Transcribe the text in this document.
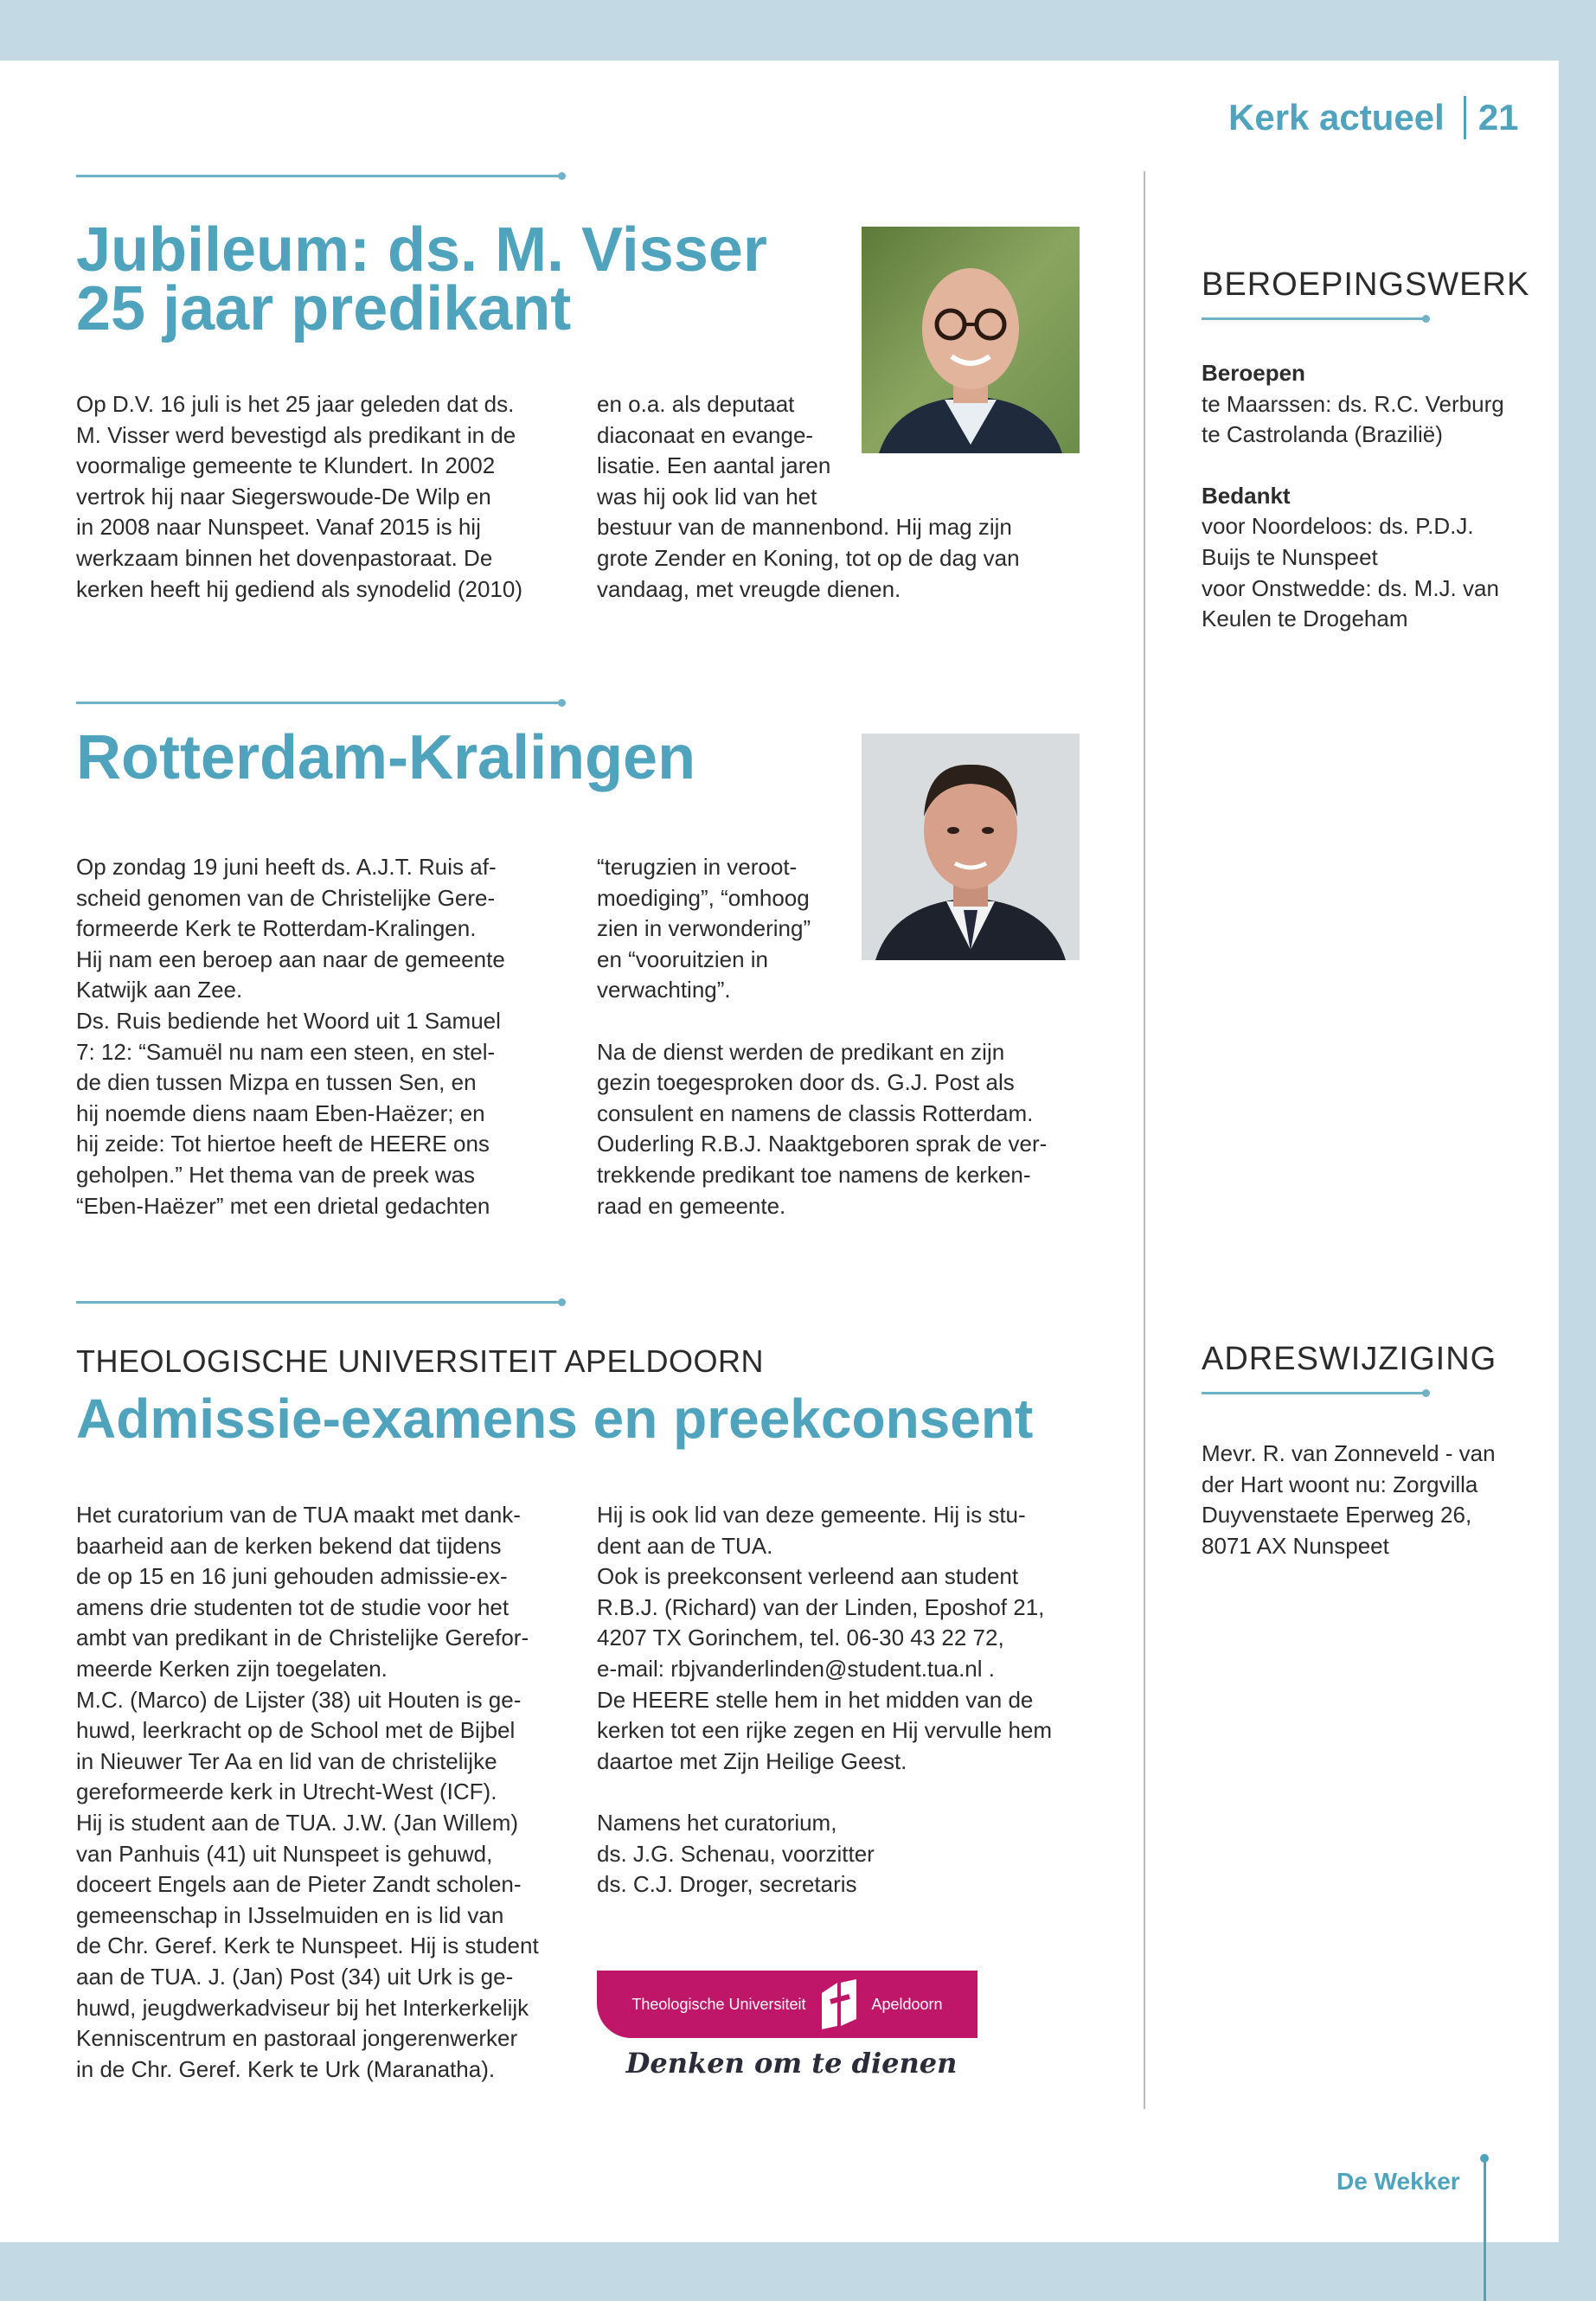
Kerk actueel 21
Jubileum: ds. M. Visser
25 jaar predikant

Op D.V. 16 juli is het 25 jaar geleden dat ds.
M. Visser werd bevestigd als predikant in de
voormalige gemeente te Klundert. In 2002
vertrok hij naar Siegerswoude-De Wilp en
in 2008 naar Nunspeet. Vanaf 2015 is hij
werkzaam binnen het dovenpastoraat. De
kerken heeft hij gediend als synodelid (2010)

en o.a. als deputaat
diaconaat en evange-
lisatie. Een aantal jaren
was hij ook lid van het
bestuur van de mannenbond. Hij mag zijn
grote Zender en Koning, tot op de dag van
vandaag, met vreugde dienen.

Rotterdam-Kralingen

Op zondag 19 juni heeft ds. A.J.T. Ruis af-
scheid genomen van de Christelijke Gere-
formeerde Kerk te Rotterdam-Kralingen.
Hij nam een beroep aan naar de gemeente
Katwijk aan Zee.
Ds. Ruis bediende het Woord uit 1 Samuel
7: 12: “Samuël nu nam een steen, en stel-
de dien tussen Mizpa en tussen Sen, en
hij noemde diens naam Eben-Haëzer; en
hij zeide: Tot hiertoe heeft de HEERE ons
geholpen.” Het thema van de preek was
“Eben-Haëzer” met een drietal gedachten

“terugzien in veroot-
moediging”, “omhoog
zien in verwondering”
en “vooruitzien in
verwachting”.

Na de dienst werden de predikant en zijn
gezin toegesproken door ds. G.J. Post als
consulent en namens de classis Rotterdam.
Ouderling R.B.J. Naaktgeboren sprak de ver-
trekkende predikant toe namens de kerken-
raad en gemeente.

THEOLOGISCHE UNIVERSITEIT APELDOORN
Admissie-examens en preekconsent

Het curatorium van de TUA maakt met dank-
baarheid aan de kerken bekend dat tijdens
de op 15 en 16 juni gehouden admissie-ex-
amens drie studenten tot de studie voor het
ambt van predikant in de Christelijke Gerefor-
meerde Kerken zijn toegelaten.
M.C. (Marco) de Lijster (38) uit Houten is ge-
huwd, leerkracht op de School met de Bijbel
in Nieuwer Ter Aa en lid van de christelijke
gereformeerde kerk in Utrecht-West (ICF).
Hij is student aan de TUA. J.W. (Jan Willem)
van Panhuis (41) uit Nunspeet is gehuwd,
doceert Engels aan de Pieter Zandt scholen-
gemeenschap in IJsselmuiden en is lid van
de Chr. Geref. Kerk te Nunspeet. Hij is student
aan de TUA. J. (Jan) Post (34) uit Urk is ge-
huwd, jeugdwerkadviseur bij het Interkerkelijk
Kenniscentrum en pastoraal jongerenwerker
in de Chr. Geref. Kerk te Urk (Maranatha).

Hij is ook lid van deze gemeente. Hij is stu-
dent aan de TUA.
Ook is preekconsent verleend aan student
R.B.J. (Richard) van der Linden, Eposhof 21,
4207 TX Gorinchem, tel. 06-30 43 22 72,
e-mail: rbjvanderlinden@student.tua.nl .
De HEERE stelle hem in het midden van de
kerken tot een rijke zegen en Hij vervulle hem
daartoe met Zijn Heilige Geest.

Namens het curatorium,
ds. J.G. Schenau, voorzitter
ds. C.J. Droger, secretaris

Theologische Universiteit	Apeldoorn
Denken om te dienen
BEROEPINGSWERK
Beroepen
te Maarssen: ds. R.C. Verburg
te Castrolanda (Brazilië)
Bedankt
voor Noordeloos: ds. P.D.J.
Buijs te Nunspeet
voor Onstwedde: ds. M.J. van
Keulen te Drogeham
ADRESWIJZIGING

Mevr. R. van Zonneveld - van
der Hart woont nu: Zorgvilla
Duyvenstaete Eperweg 26,
8071 AX Nunspeet

De Wekker
